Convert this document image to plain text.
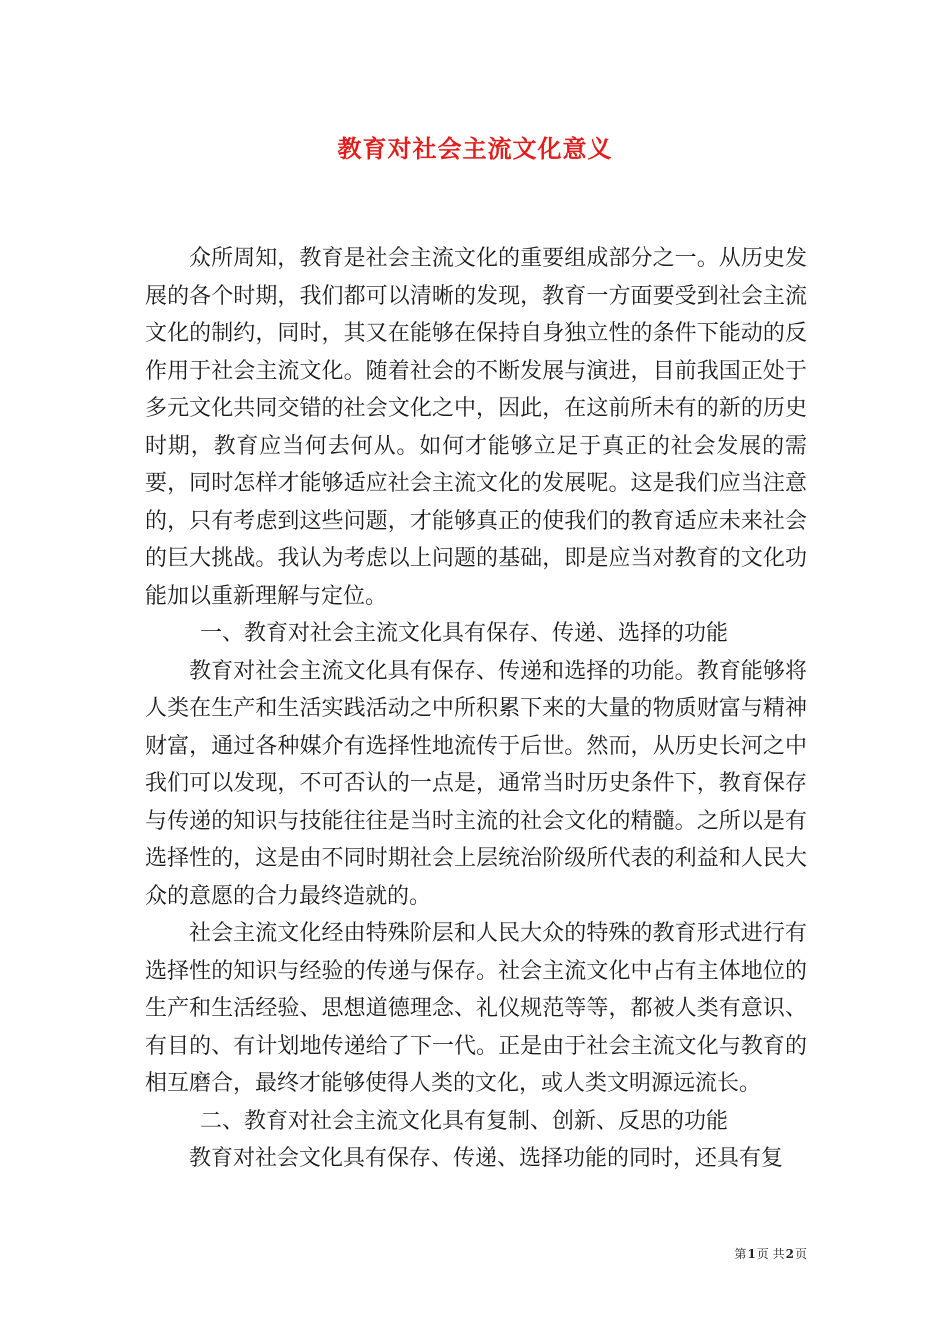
教育对社会主流文化意义

众所周知，教育是社会主流文化的重要组成部分之一。从历史发展的各个时期，我们都可以清晰的发现，教育一方面要受到社会主流文化的制约，同时，其又在能够在保持自身独立性的条件下能动的反作用于社会主流文化。随着社会的不断发展与演进，目前我国正处于多元文化共同交错的社会文化之中，因此，在这前所未有的新的历史时期，教育应当何去何从。如何才能够立足于真正的社会发展的需要，同时怎样才能够适应社会主流文化的发展呢。这是我们应当注意的，只有考虑到这些问题，才能够真正的使我们的教育适应未来社会的巨大挑战。我认为考虑以上问题的基础，即是应当对教育的文化功能加以重新理解与定位。

一、教育对社会主流文化具有保存、传递、选择的功能

教育对社会主流文化具有保存、传递和选择的功能。教育能够将人类在生产和生活实践活动之中所积累下来的大量的物质财富与精神财富，通过各种媒介有选择性地流传于后世。然而，从历史长河之中我们可以发现，不可否认的一点是，通常当时历史条件下，教育保存与传递的知识与技能往往是当时主流的社会文化的精髓。之所以是有选择性的，这是由不同时期社会上层统治阶级所代表的利益和人民大众的意愿的合力最终造就的。

社会主流文化经由特殊阶层和人民大众的特殊的教育形式进行有选择性的知识与经验的传递与保存。社会主流文化中占有主体地位的生产和生活经验、思想道德理念、礼仪规范等等，都被人类有意识、有目的、有计划地传递给了下一代。正是由于社会主流文化与教育的相互磨合，最终才能够使得人类的文化，或人类文明源远流长。

二、教育对社会主流文化具有复制、创新、反思的功能

教育对社会文化具有保存、传递、选择功能的同时，还具有复

第1页 共2页
